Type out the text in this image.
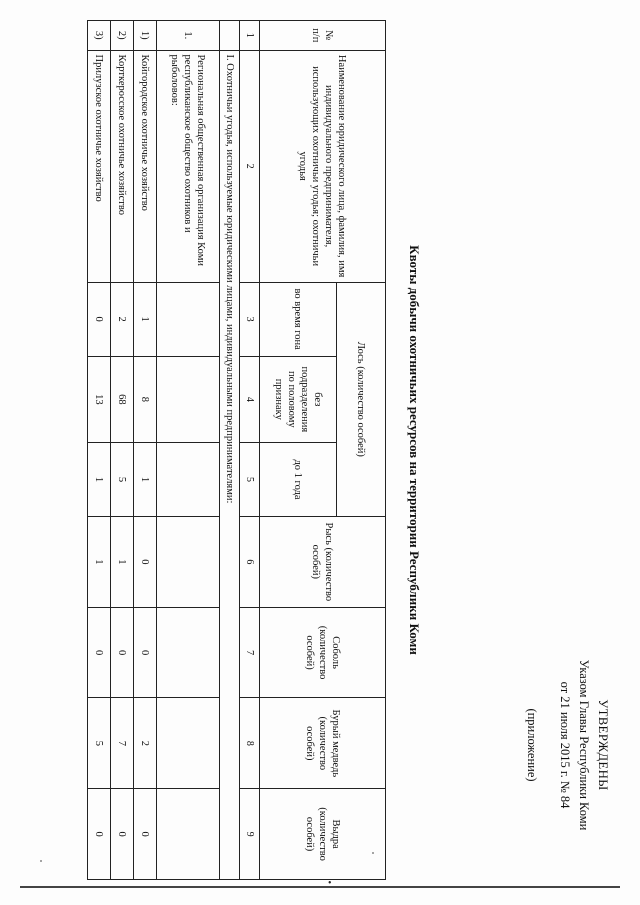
УТВЕРЖДЕНЫ
Указом Главы Республики Коми
от 21 июля 2015 г. № 84
(приложение)
Квоты добычи охотничьих ресурсов на территории Республики Коми
№ п/п	Наименование юридического лица, фамилия, имя индивидуального предпринимателя, использующих охотничьи угодья; охотничьи угодья	Лось (количество особей)			Рысь (количество особей)	Соболь (количество особей)	Бурый медведь (количество особей)	Выдра (количество особей)
		во время гона	без подразделения по половому признаку	до 1 года				
1	2	3	4	5	6	7	8	9
	I. Охотничьи угодья, используемые юридическими лицами, индивидуальными предпринимателями:							
1.	Региональная общественная организация Коми республиканское общество охотников и рыболовов:							
1)	Койгородское охотничье хозяйство	1	8	1	0	0	2	0
2)	Корткеросское охотничье хозяйство	2	68	5	1	0	7	0
3)	Прилузское охотничье хозяйство	0	13	1	1	0	5	0
•
